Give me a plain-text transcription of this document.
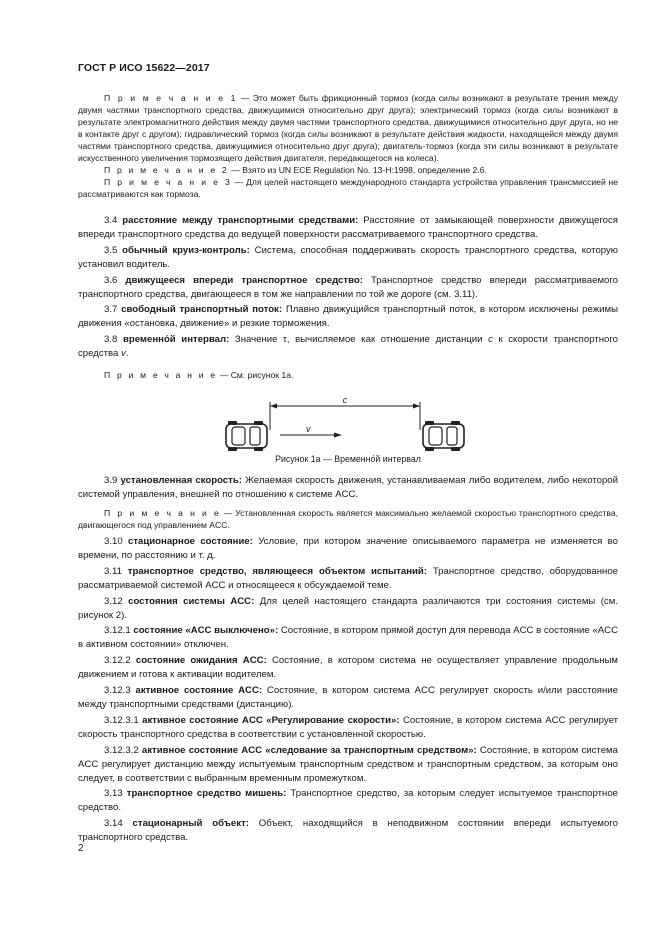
ГОСТ Р ИСО 15622—2017

П р и м е ч а н и е 1 — Это может быть фрикционный тормоз (когда силы возникают в результате трения между двумя частями транспортного средства, движущимися относительно друг друга); электрический тормоз (когда силы возникают в результате электромагнитного действия между двумя частями транспортного средства, движущимися относительно друг друга, но не в контакте друг с другом); гидравлический тормоз (когда силы возникают в результате действия жидкости, находящейся между двумя частями транспортного средства, движущимися относительно друг друга); двигатель-тормоз (когда эти силы возникают в результате искусственного увеличения тормозящего действия двигателя, передающегося на колеса).

П р и м е ч а н и е 2 — Взято из UN ECE Regulation No. 13-H:1998, определение 2.6.

П р и м е ч а н и е 3 — Для целей настоящего международного стандарта устройства управления трансмиссией не рассматриваются как тормоза.

3.4 расстояние между транспортными средствами: Расстояние от замыкающей поверхности движущегося впереди транспортного средства до ведущей поверхности рассматриваемого транспортного средства.

3.5 обычный круиз-контроль: Система, способная поддерживать скорость транспортного средства, которую установил водитель.

3.6 движущееся впереди транспортное средство: Транспортное средство впереди рассматриваемого транспортного средства, двигающееся в том же направлении по той же дороге (см. 3.11).

3.7 свободный транспортный поток: Плавно движущийся транспортный поток, в котором исключены режимы движения «остановка, движение» и резкие торможения.

3.8 временно́й интервал: Значение τ, вычисляемое как отношение дистанции c к скорости транспортного средства v.

П р и м е ч а н и е — См. рисунок 1а.

c
v
Рисунок 1а — Временно́й интервал

3.9 установленная скорость: Желаемая скорость движения, устанавливаемая либо водителем, либо некоторой системой управления, внешней по отношению к системе ACC.

П р и м е ч а н и е — Установленная скорость является максимально желаемой скоростью транспортного средства, двигающегося под управлением ACC.

3.10 стационарное состояние: Условие, при котором значение описываемого параметра не изменяется во времени, по расстоянию и т. д.

3.11 транспортное средство, являющееся объектом испытаний: Транспортное средство, оборудованное рассматриваемой системой ACC и относящееся к обсуждаемой теме.

3.12 состояния системы ACC: Для целей настоящего стандарта различаются три состояния системы (см. рисунок 2).

3.12.1 состояние «ACC выключено»: Состояние, в котором прямой доступ для перевода ACC в состояние «ACC в активном состоянии» отключен.

3.12.2 состояние ожидания ACC: Состояние, в котором система не осуществляет управление продольным движением и готова к активации водителем.

3.12.3 активное состояние ACC: Состояние, в котором система ACC регулирует скорость и/или расстояние между транспортными средствами (дистанцию).

3.12.3.1 активное состояние ACC «Регулирование скорости»: Состояние, в котором система ACC регулирует скорость транспортного средства в соответствии с установленной скоростью.

3.12.3.2 активное состояние ACC «следование за транспортным средством»: Состояние, в котором система ACC регулирует дистанцию между испытуемым транспортным средством и транспортным средством, за которым оно следует, в соответствии с выбранным временным промежутком.

3.13 транспортное средство мишень: Транспортное средство, за которым следует испытуемое транспортное средство.

3.14 стационарный объект: Объект, находящийся в неподвижном состоянии впереди испытуемого транспортного средства.

2
